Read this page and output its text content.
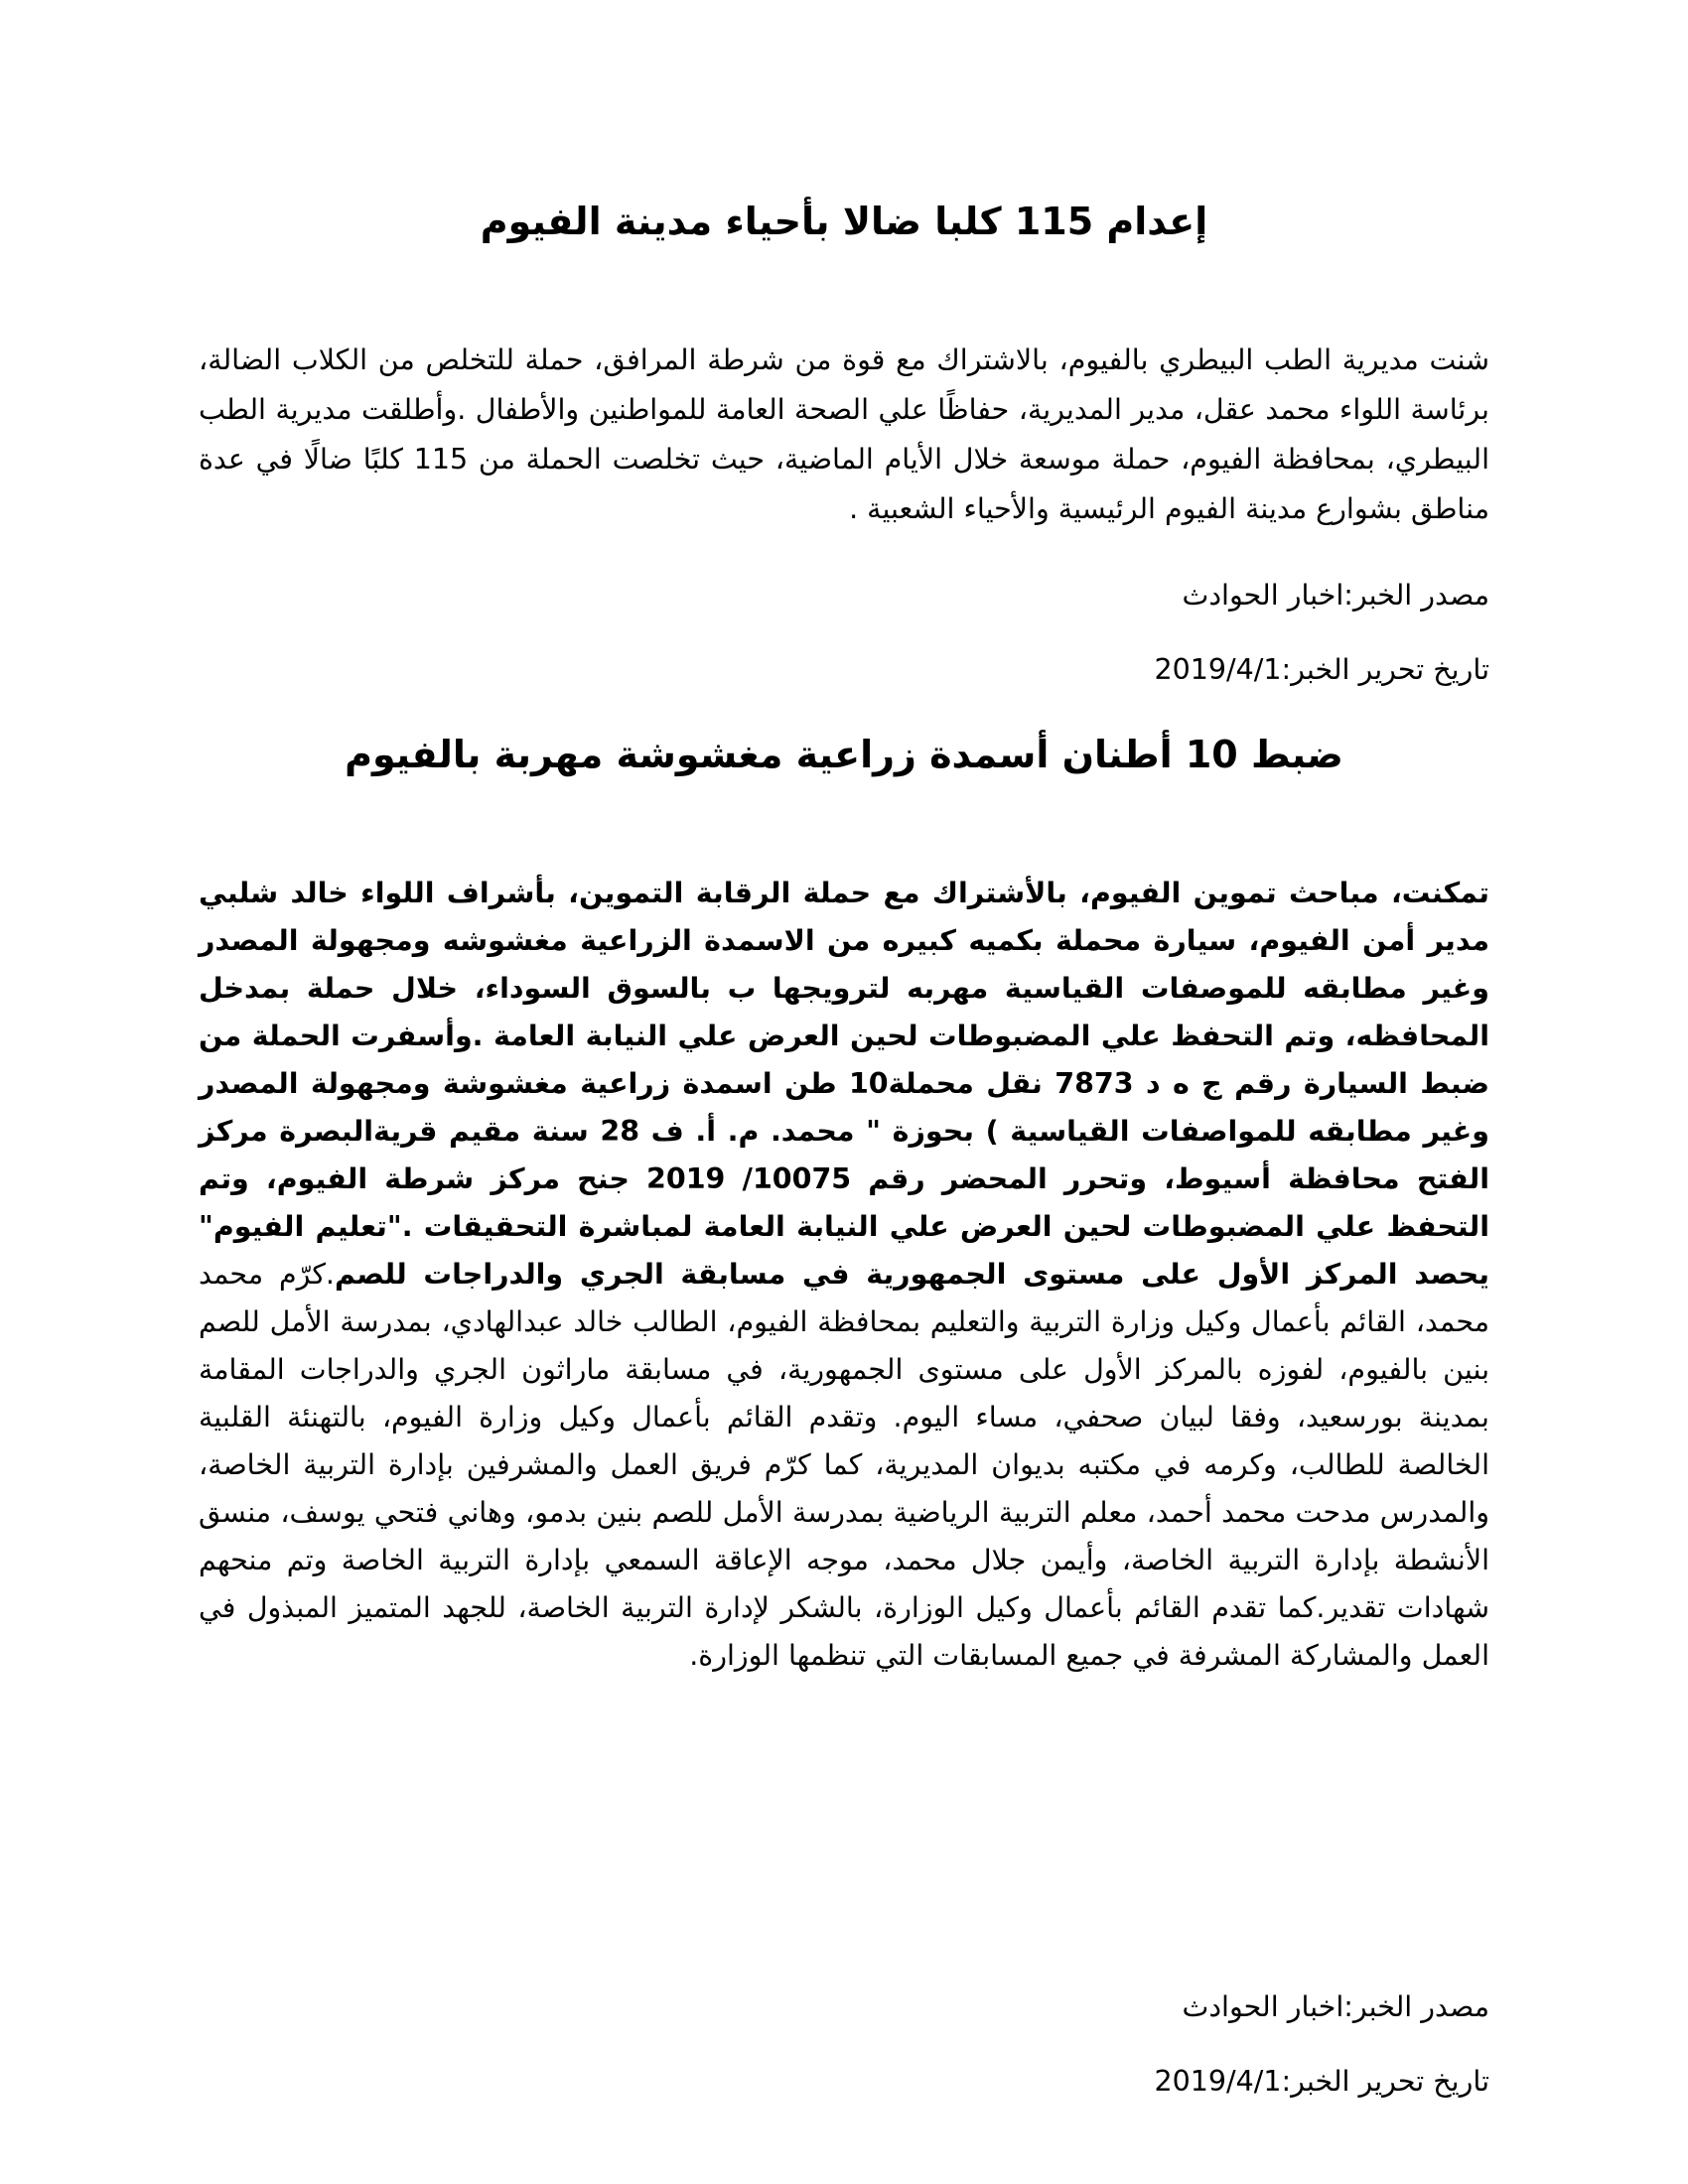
إعدام 115 كلبا ضالا بأحياء مدينة الفيوم

شنت مديرية الطب البيطري بالفيوم، بالاشتراك مع قوة من شرطة المرافق، حملة للتخلص من الكلاب الضالة، برئاسة اللواء محمد عقل، مدير المديرية، حفاظًا علي الصحة العامة للمواطنين والأطفال .وأطلقت مديرية الطب البيطري، بمحافظة الفيوم، حملة موسعة خلال الأيام الماضية، حيث تخلصت الحملة من 115 كلبًا ضالًا في عدة مناطق بشوارع مدينة الفيوم الرئيسية والأحياء الشعبية .

مصدر الخبر:اخبار الحوادث

تاريخ تحرير الخبر:2019/4/1

ضبط 10 أطنان أسمدة زراعية مغشوشة مهربة بالفيوم

تمكنت، مباحث تموين الفيوم، بالأشتراك مع حملة الرقابة التموين، بأشراف اللواء خالد شلبي مدير أمن الفيوم، سيارة محملة بكميه كبيره من الاسمدة الزراعية مغشوشه ومجهولة المصدر وغير مطابقه للموصفات القياسية مهربه لترويجها ب بالسوق السوداء، خلال حملة بمدخل المحافظه، وتم التحفظ علي المضبوطات لحين العرض علي النيابة العامة .وأسفرت الحملة من ضبط السيارة رقم ج ه د 7873 نقل محملة10 طن اسمدة زراعية مغشوشة ومجهولة المصدر وغير مطابقه للمواصفات القياسية ) بحوزة " محمد. م. أ. ف 28 سنة مقيم قريةالبصرة مركز الفتح محافظة أسيوط، وتحرر المحضر رقم 10075/ 2019 جنح مركز شرطة الفيوم، وتم التحفظ علي المضبوطات لحين العرض علي النيابة العامة لمباشرة التحقيقات ."تعليم الفيوم" يحصد المركز الأول على مستوى الجمهورية في مسابقة الجري والدراجات للصم.كرّم محمد محمد، القائم بأعمال وكيل وزارة التربية والتعليم بمحافظة الفيوم، الطالب خالد عبدالهادي، بمدرسة الأمل للصم بنين بالفيوم، لفوزه بالمركز الأول على مستوى الجمهورية، في مسابقة ماراثون الجري والدراجات المقامة بمدينة بورسعيد، وفقا لبيان صحفي، مساء اليوم. وتقدم القائم بأعمال وكيل وزارة الفيوم، بالتهنئة القلبية الخالصة للطالب، وكرمه في مكتبه بديوان المديرية، كما كرّم فريق العمل والمشرفين بإدارة التربية الخاصة، والمدرس مدحت محمد أحمد، معلم التربية الرياضية بمدرسة الأمل للصم بنين بدمو، وهاني فتحي يوسف، منسق الأنشطة بإدارة التربية الخاصة، وأيمن جلال محمد، موجه الإعاقة السمعي بإدارة التربية الخاصة وتم منحهم شهادات تقدير.كما تقدم القائم بأعمال وكيل الوزارة، بالشكر لإدارة التربية الخاصة، للجهد المتميز المبذول في العمل والمشاركة المشرفة في جميع المسابقات التي تنظمها الوزارة.

مصدر الخبر:اخبار الحوادث

تاريخ تحرير الخبر:2019/4/1
